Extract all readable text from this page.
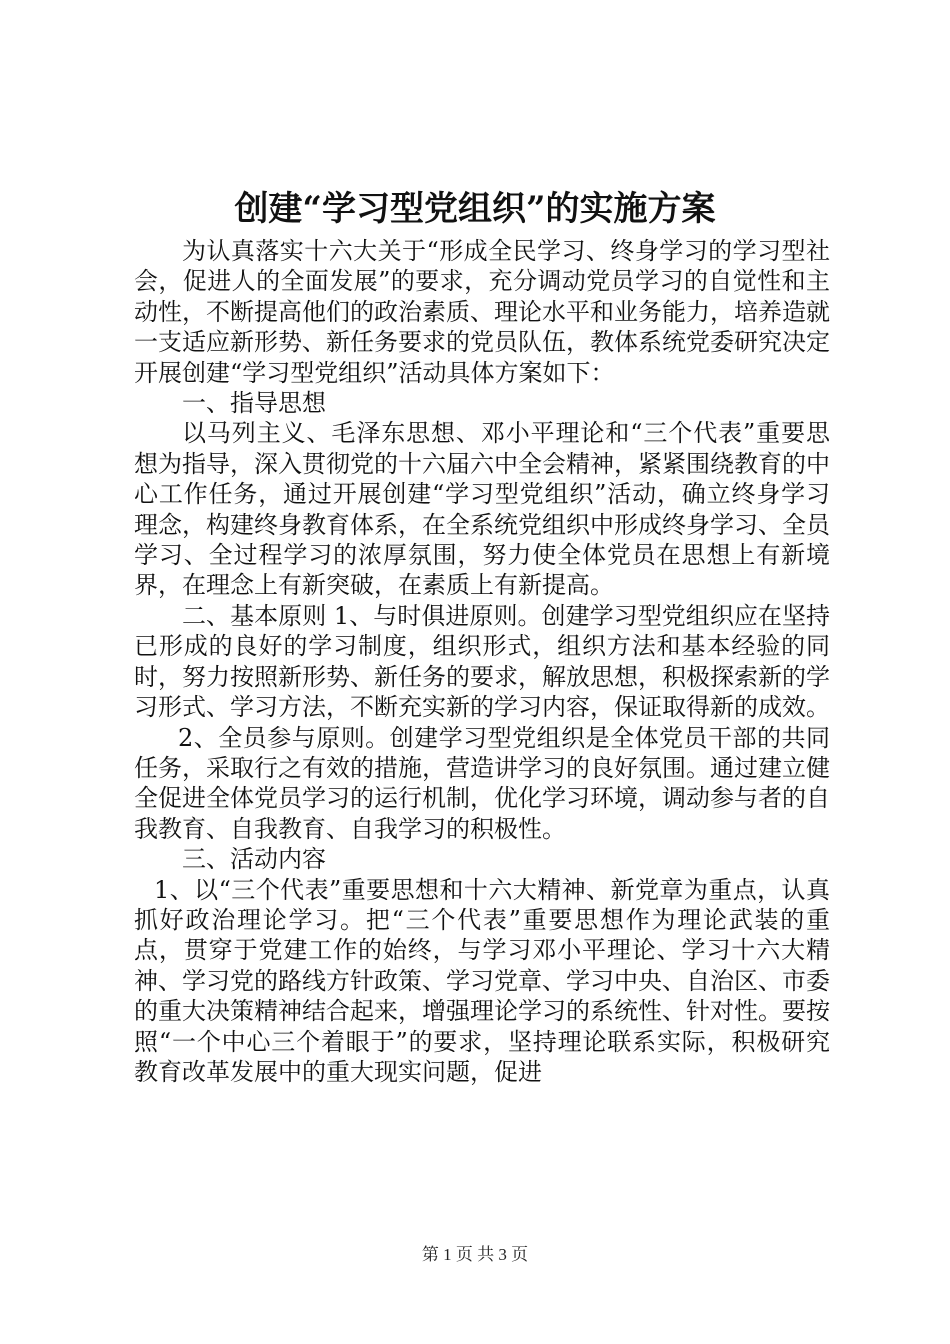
创建“学习型党组织”的实施方案

为认真落实十六大关于“形成全民学习、终身学习的学习型社会，促进人的全面发展”的要求，充分调动党员学习的自觉性和主动性，不断提高他们的政治素质、理论水平和业务能力，培养造就一支适应新形势、新任务要求的党员队伍，教体系统党委研究决定开展创建“学习型党组织”活动具体方案如下：

一、指导思想

以马列主义、毛泽东思想、邓小平理论和“三个代表”重要思想为指导，深入贯彻党的十六届六中全会精神，紧紧围绕教育的中心工作任务，通过开展创建“学习型党组织”活动，确立终身学习理念，构建终身教育体系，在全系统党组织中形成终身学习、全员学习、全过程学习的浓厚氛围，努力使全体党员在思想上有新境界，在理念上有新突破，在素质上有新提高。

二、基本原则 1、与时俱进原则。创建学习型党组织应在坚持已形成的良好的学习制度，组织形式，组织方法和基本经验的同时，努力按照新形势、新任务的要求，解放思想，积极探索新的学习形式、学习方法，不断充实新的学习内容，保证取得新的成效。

2、全员参与原则。创建学习型党组织是全体党员干部的共同任务，采取行之有效的措施，营造讲学习的良好氛围。通过建立健全促进全体党员学习的运行机制，优化学习环境，调动参与者的自我教育、自我教育、自我学习的积极性。

三、活动内容

1、以“三个代表”重要思想和十六大精神、新党章为重点，认真抓好政治理论学习。把“三个代表”重要思想作为理论武装的重点，贯穿于党建工作的始终，与学习邓小平理论、学习十六大精神、学习党的路线方针政策、学习党章、学习中央、自治区、市委的重大决策精神结合起来，增强理论学习的系统性、针对性。要按照“一个中心三个着眼于”的要求，坚持理论联系实际，积极研究教育改革发展中的重大现实问题，促进

第 1 页 共 3 页
